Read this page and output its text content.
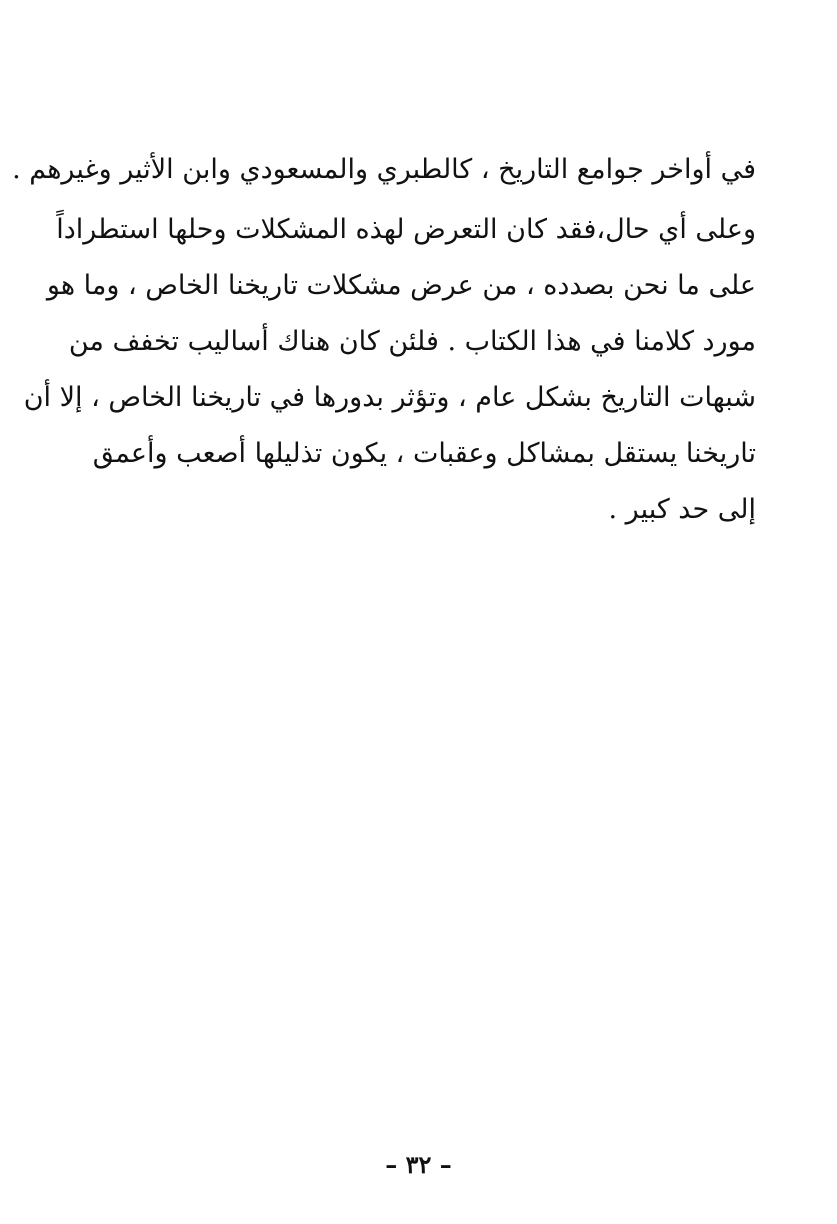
في أواخر جوامع التاريخ ، كالطبري والمسعودي وابن الأثير وغيرهم .
وعلى أي حال،فقد كان التعرض لهذه المشكلات وحلها استطراداً
على ما نحن بصدده ، من عرض مشكلات تاريخنا الخاص ، وما هو
مورد كلامنا في هذا الكتاب . فلئن كان هناك أساليب تخفف من
شبهات التاريخ بشكل عام ، وتؤثر بدورها في تاريخنا الخاص ، إلا أن
تاريخنا يستقل بمشاكل وعقبات ، يكون تذليلها أصعب وأعمق
إلى حد كبير .
– ٣٢ –
